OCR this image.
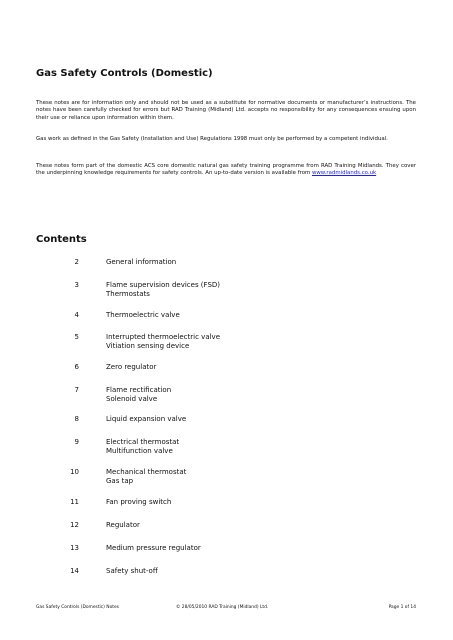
Gas Safety Controls (Domestic)

These notes are for information only and should not be used as a substitute for normative documents or manufacturer’s instructions. The notes have been carefully checked for errors but RAD Training (Midland) Ltd. accepts no responsibility for any consequences ensuing upon their use or reliance upon information within them.

Gas work as defined in the Gas Safety (Installation and Use) Regulations 1998 must only be performed by a competent individual.

These notes form part of the domestic ACS core domestic natural gas safety training programme from RAD Training Midlands. They cover the underpinning knowledge requirements for safety controls. An up-to-date version is available from www.radmidlands.co.uk

Contents
2	General information
3	Flame supervision devices (FSD)
Thermostats
4	Thermoelectric valve
5	Interrupted thermoelectric valve
Vitiation sensing device
6	Zero regulator
7	Flame rectification
Solenoid valve
8	Liquid expansion valve
9	Electrical thermostat
Multifunction valve
10	Mechanical thermostat
Gas tap
11	Fan proving switch
12	Regulator
13	Medium pressure regulator
14	Safety shut-off
Gas Safety Controls (Domestic) Notes	© 28/05/2010 RAD Training (Midland) Ltd.	Page 1 of 14
